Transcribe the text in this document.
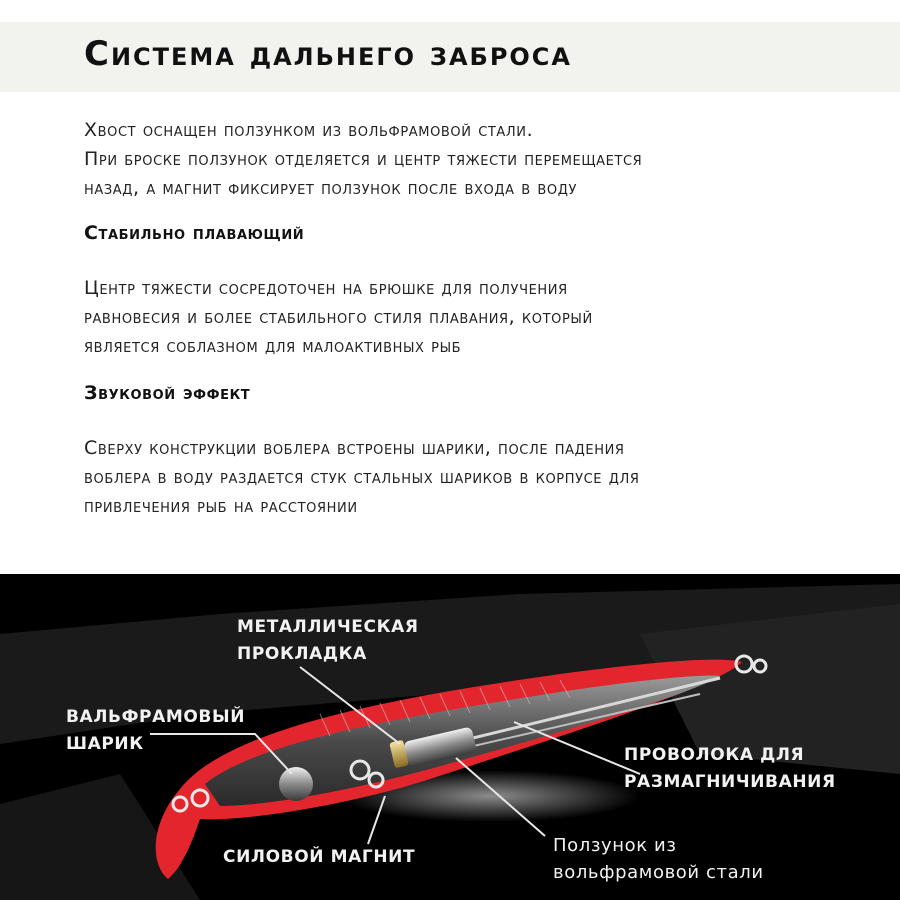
Система дальнего заброса

Хвост оснащен ползунком из вольфрамовой стали.
При броске ползунок отделяется и центр тяжести перемещается
назад, а магнит фиксирует ползунок после входа в воду

Стабильно плавающий

Центр тяжести сосредоточен на брюшке для получения
равновесия и более стабильного стиля плавания, который
является соблазном для малоактивных рыб

Звуковой эффект

Сверху конструкции воблера встроены шарики, после падения
воблера в воду раздается стук стальных шариков в корпусе для
привлечения рыб на расстоянии

МЕТАЛЛИЧЕСКАЯ
ПРОКЛАДКА
ВАЛЬФРАМОВЫЙ
ШАРИК
ПРОВОЛОКА ДЛЯ
РАЗМАГНИЧИВАНИЯ
СИЛОВОЙ МАГНИТ
Ползунок из
вольфрамовой стали
